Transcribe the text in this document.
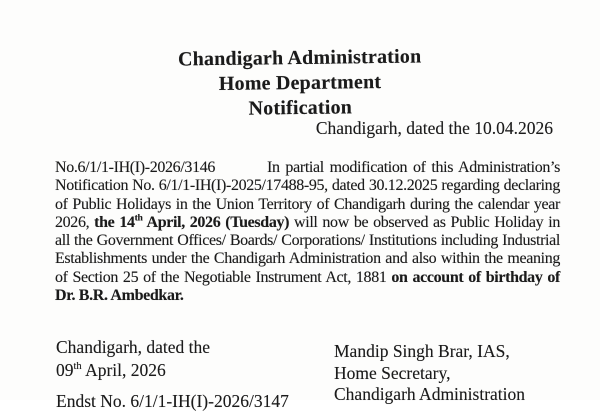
Chandigarh Administration
Home Department
Notification
Chandigarh, dated the 10.04.2026

No.6/1/1-IH(I)-2026/3146	In partial modification of this Administration’s Notification No. 6/1/1-IH(I)-2025/17488-95, dated 30.12.2025 regarding declaring of Public Holidays in the Union Territory of Chandigarh during the calendar year 2026, the 14th April, 2026 (Tuesday) will now be observed as Public Holiday in all the Government Offices/ Boards/ Corporations/ Institutions including Industrial Establishments under the Chandigarh Administration and also within the meaning of Section 25 of the Negotiable Instrument Act, 1881 on account of birthday of Dr. B.R. Ambedkar.

Chandigarh, dated the
09th April, 2026
Mandip Singh Brar, IAS,
Home Secretary,
Chandigarh Administration
Endst No. 6/1/1-IH(I)-2026/3147
